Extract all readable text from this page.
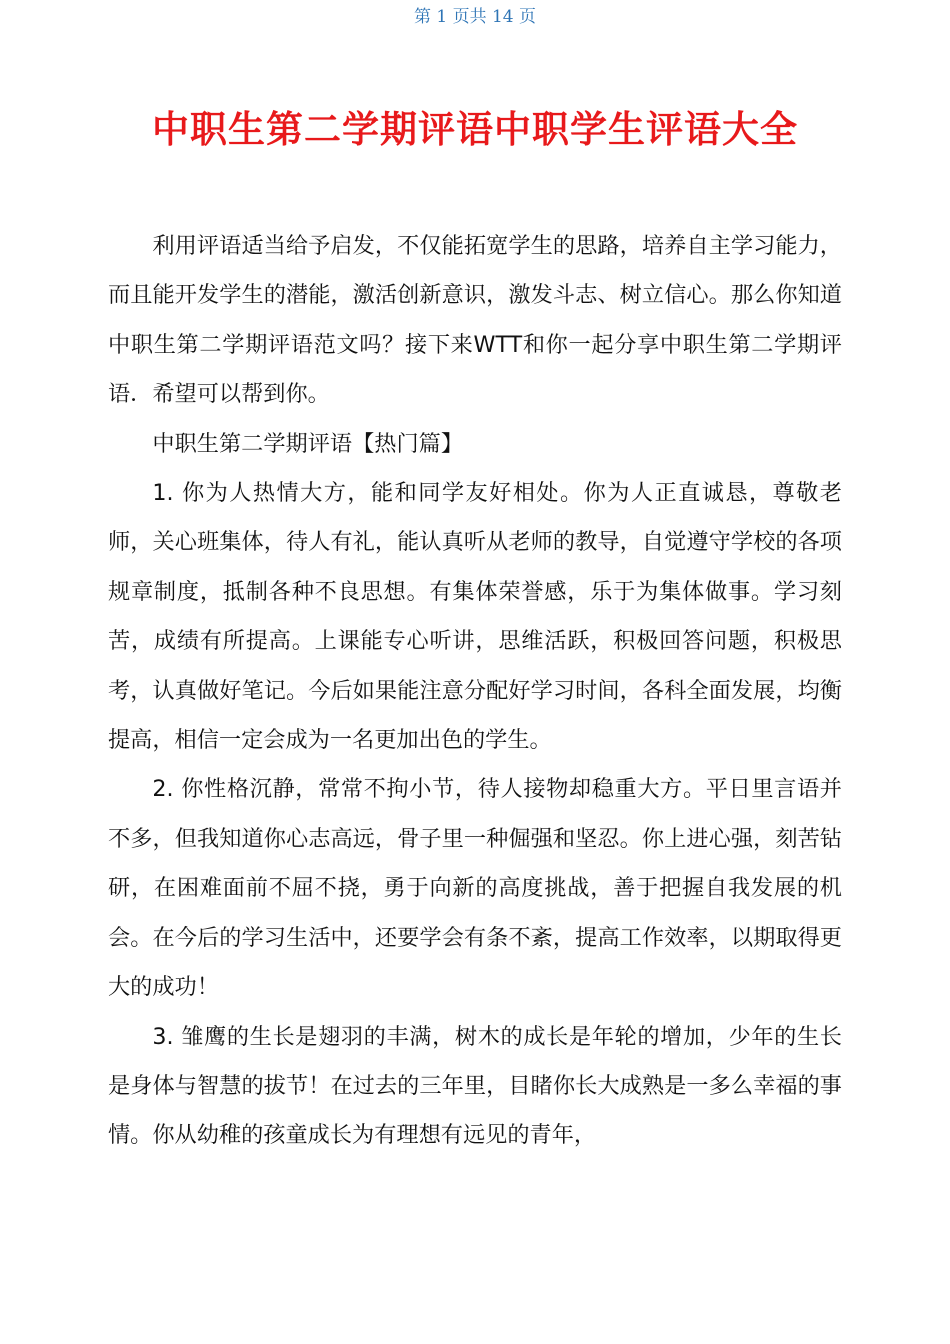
第 1 页共 14 页
中职生第二学期评语中职学生评语大全

利用评语适当给予启发，不仅能拓宽学生的思路，培养自主学习能力，而且能开发学生的潜能，激活创新意识，激发斗志、树立信心。那么你知道中职生第二学期评语范文吗？接下来WTT和你一起分享中职生第二学期评语．希望可以帮到你。

中职生第二学期评语【热门篇】

1. 你为人热情大方，能和同学友好相处。你为人正直诚恳，尊敬老师，关心班集体，待人有礼，能认真听从老师的教导，自觉遵守学校的各项规章制度，抵制各种不良思想。有集体荣誉感，乐于为集体做事。学习刻苦，成绩有所提高。上课能专心听讲，思维活跃，积极回答问题，积极思考，认真做好笔记。今后如果能注意分配好学习时间，各科全面发展，均衡提高，相信一定会成为一名更加出色的学生。

2. 你性格沉静，常常不拘小节，待人接物却稳重大方。平日里言语并不多，但我知道你心志高远，骨子里一种倔强和坚忍。你上进心强，刻苦钻研，在困难面前不屈不挠，勇于向新的高度挑战，善于把握自我发展的机会。在今后的学习生活中，还要学会有条不紊，提高工作效率，以期取得更大的成功！

3. 雏鹰的生长是翅羽的丰满，树木的成长是年轮的增加，少年的生长是身体与智慧的拔节！在过去的三年里，目睹你长大成熟是一多么幸福的事情。你从幼稚的孩童成长为有理想有远见的青年，
